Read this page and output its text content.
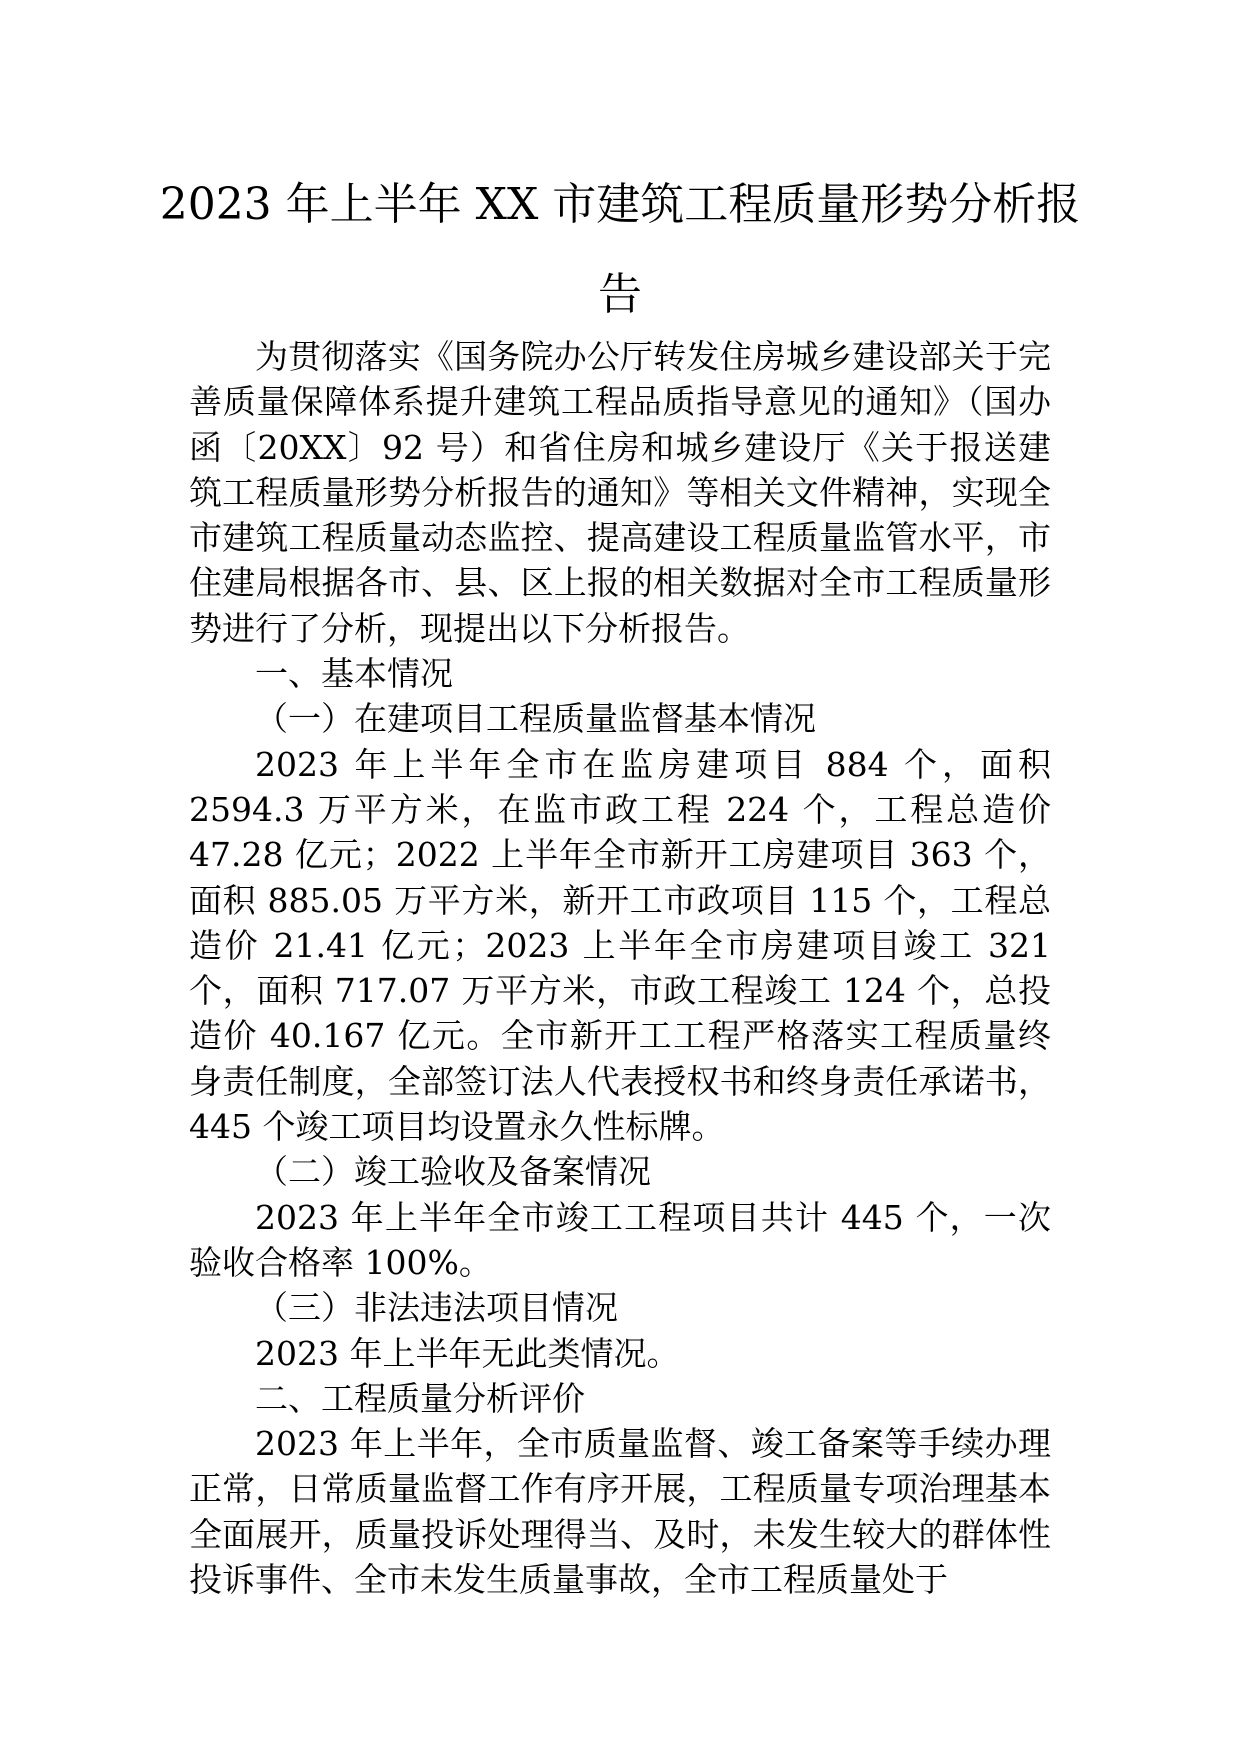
2023 年上半年 XX 市建筑工程质量形势分析报告

为贯彻落实《国务院办公厅转发住房城乡建设部关于完善质量保障体系提升建筑工程品质指导意见的通知》（国办函〔20XX〕92 号）和省住房和城乡建设厅《关于报送建筑工程质量形势分析报告的通知》等相关文件精神，实现全市建筑工程质量动态监控、提高建设工程质量监管水平，市住建局根据各市、县、区上报的相关数据对全市工程质量形势进行了分析，现提出以下分析报告。

一、基本情况

（一）在建项目工程质量监督基本情况

2023 年上半年全市在监房建项目 884 个，面积 2594.3 万平方米，在监市政工程 224 个，工程总造价 47.28 亿元；2022 上半年全市新开工房建项目 363 个，面积 885.05 万平方米，新开工市政项目 115 个，工程总造价 21.41 亿元；2023 上半年全市房建项目竣工 321 个，面积 717.07 万平方米，市政工程竣工 124 个，总投造价 40.167 亿元。全市新开工工程严格落实工程质量终身责任制度，全部签订法人代表授权书和终身责任承诺书，445 个竣工项目均设置永久性标牌。

（二）竣工验收及备案情况

2023 年上半年全市竣工工程项目共计 445 个，一次验收合格率 100%。

（三）非法违法项目情况

2023 年上半年无此类情况。

二、工程质量分析评价

2023 年上半年，全市质量监督、竣工备案等手续办理正常，日常质量监督工作有序开展，工程质量专项治理基本全面展开，质量投诉处理得当、及时，未发生较大的群体性投诉事件、全市未发生质量事故，全市工程质量处于
